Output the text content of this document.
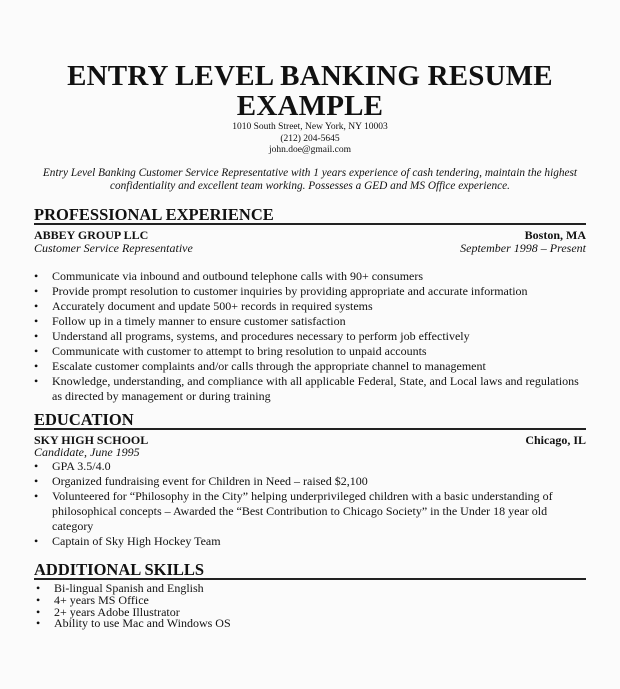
ENTRY LEVEL BANKING RESUME
EXAMPLE
1010 South Street, New York, NY 10003
(212) 204-5645
john.doe@gmail.com
Entry Level Banking Customer Service Representative with 1 years experience of cash tendering, maintain the highest
confidentiality and excellent team working. Possesses a GED and MS Office experience.
PROFESSIONAL EXPERIENCE
ABBEY GROUP LLC	Boston, MA
Customer Service Representative	September 1998 – Present
• Communicate via inbound and outbound telephone calls with 90+ consumers
• Provide prompt resolution to customer inquiries by providing appropriate and accurate information
• Accurately document and update 500+ records in required systems
• Follow up in a timely manner to ensure customer satisfaction
• Understand all programs, systems, and procedures necessary to perform job effectively
• Communicate with customer to attempt to bring resolution to unpaid accounts
• Escalate customer complaints and/or calls through the appropriate channel to management
• Knowledge, understanding, and compliance with all applicable Federal, State, and Local laws and regulations as directed by management or during training
EDUCATION
SKY HIGH SCHOOL	Chicago, IL
Candidate, June 1995
• GPA 3.5/4.0
• Organized fundraising event for Children in Need – raised $2,100
• Volunteered for “Philosophy in the City” helping underprivileged children with a basic understanding of philosophical concepts – Awarded the “Best Contribution to Chicago Society” in the Under 18 year old category
• Captain of Sky High Hockey Team
ADDITIONAL SKILLS
• Bi-lingual Spanish and English
• 4+ years MS Office
• 2+ years Adobe Illustrator
• Ability to use Mac and Windows OS
